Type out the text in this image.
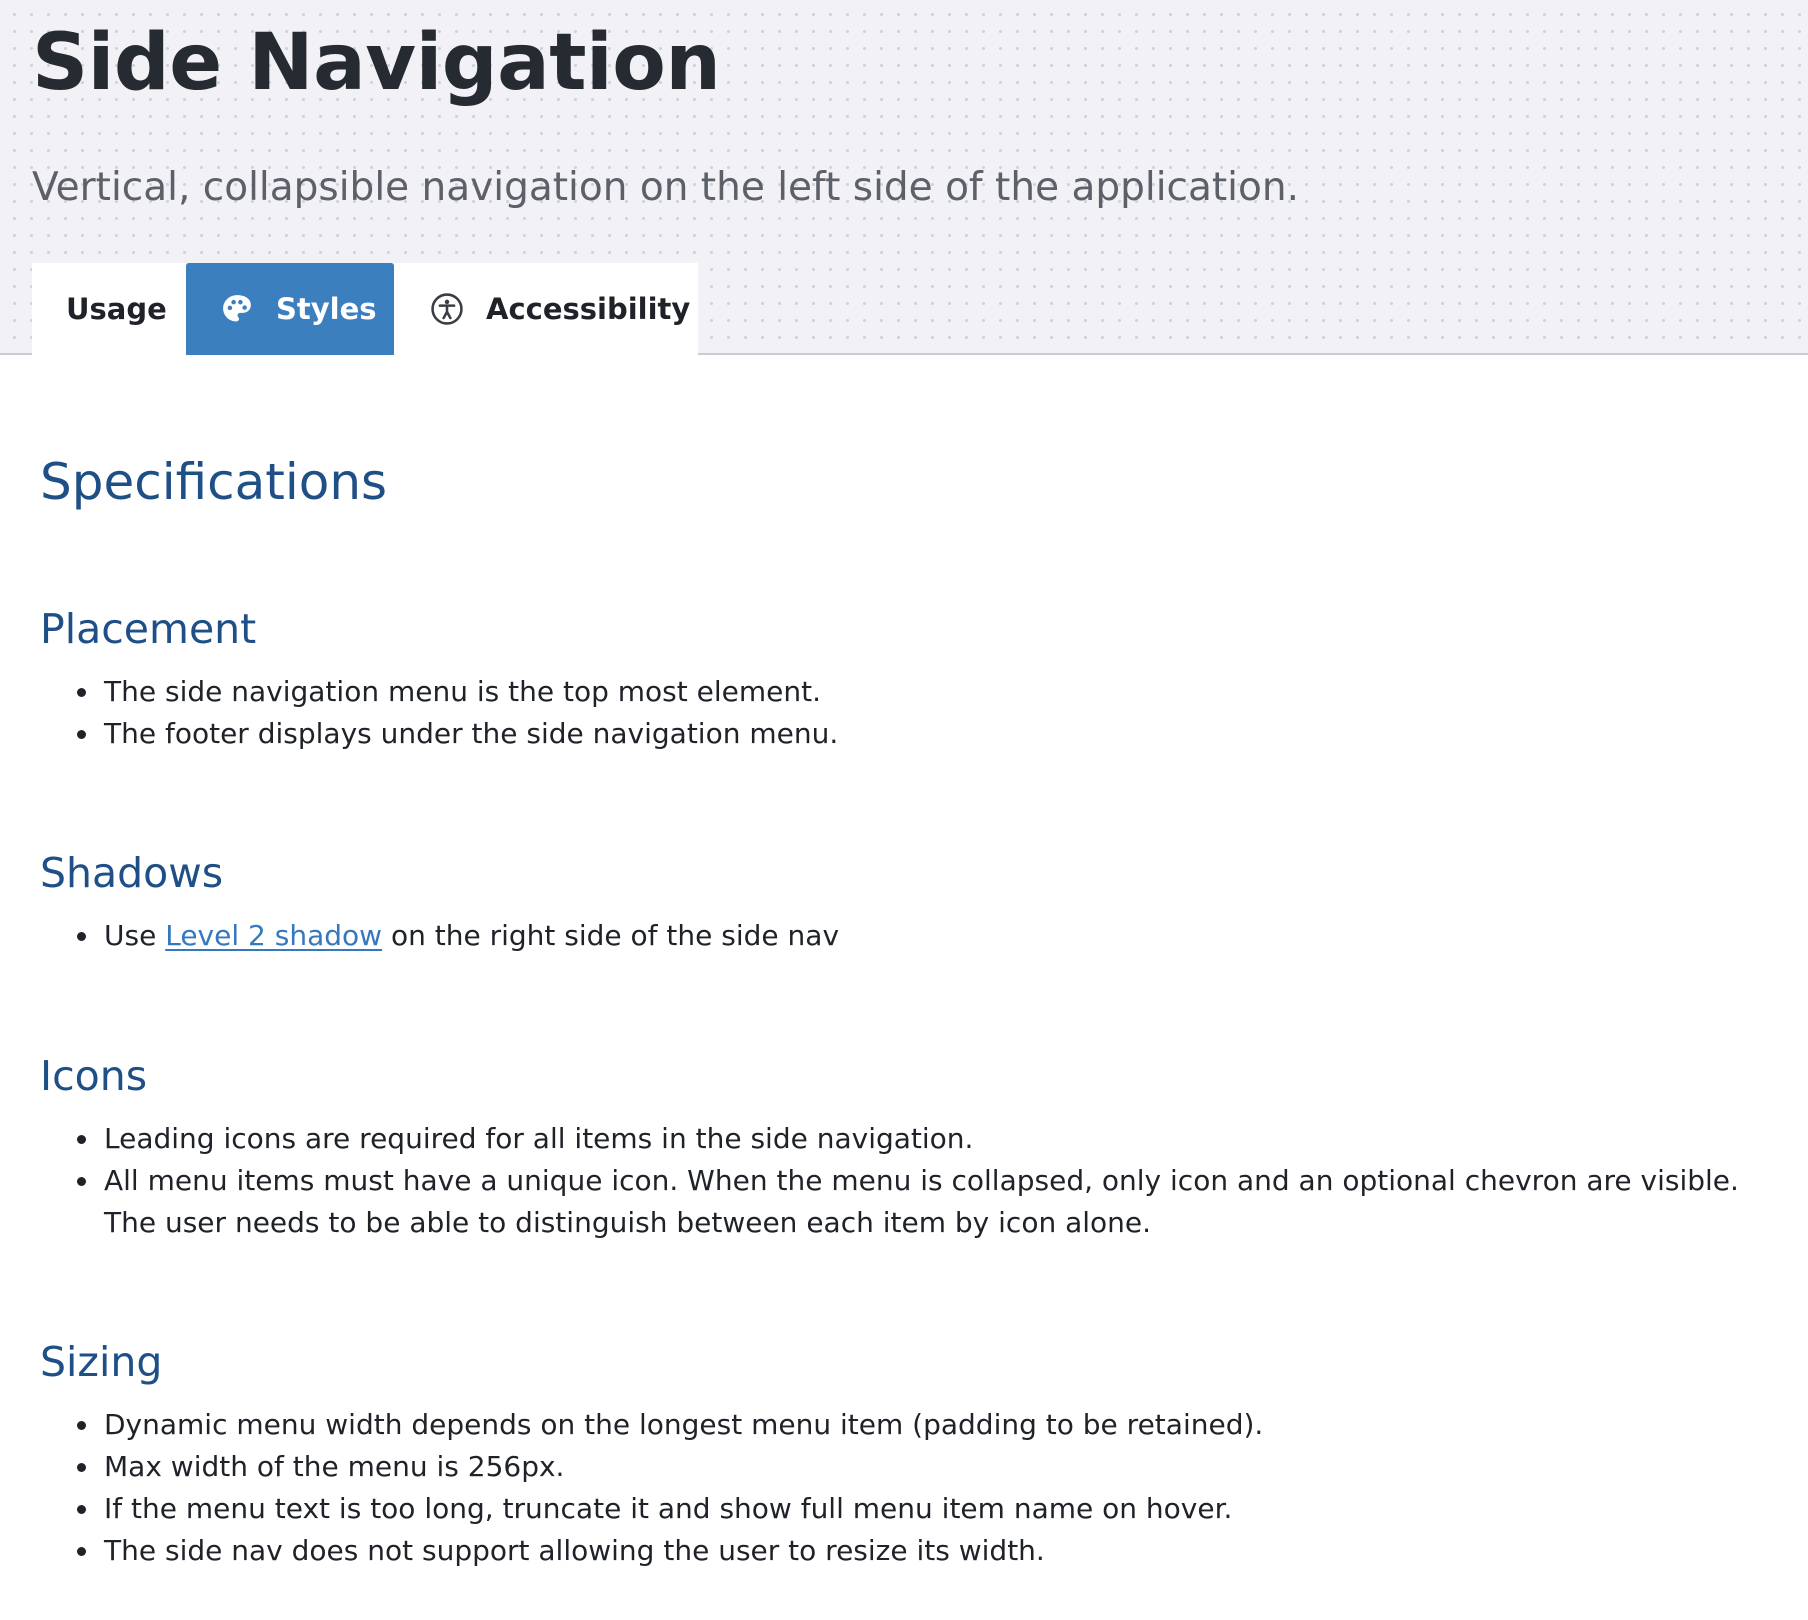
Side Navigation

Vertical, collapsible navigation on the left side of the application.

Usage	Styles	Accessibility
Specifications
Placement
The side navigation menu is the top most element.
The footer displays under the side navigation menu.
Shadows
Use Level 2 shadow on the right side of the side nav
Icons
Leading icons are required for all items in the side navigation.
All menu items must have a unique icon. When the menu is collapsed, only icon and an optional chevron are visible. The user needs to be able to distinguish between each item by icon alone.
Sizing
Dynamic menu width depends on the longest menu item (padding to be retained).
Max width of the menu is 256px.
If the menu text is too long, truncate it and show full menu item name on hover.
The side nav does not support allowing the user to resize its width.
